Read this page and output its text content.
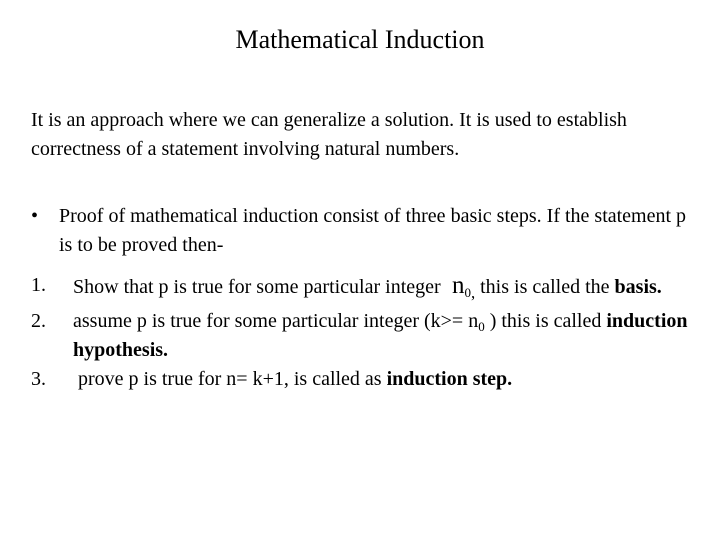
Mathematical Induction
It is an approach where we can generalize a solution. It is used to establish correctness of a statement involving natural numbers.
•	Proof of mathematical induction consist of three basic steps. If the statement p is to be proved then-
1. Show that p is true for some particular integer $n_{0,}$ this is called the basis.
2. assume p is true for some particular integer ($k>= n_0$ ) this is called induction hypothesis.
3. prove p is true for n= k+1, is called as induction step.
